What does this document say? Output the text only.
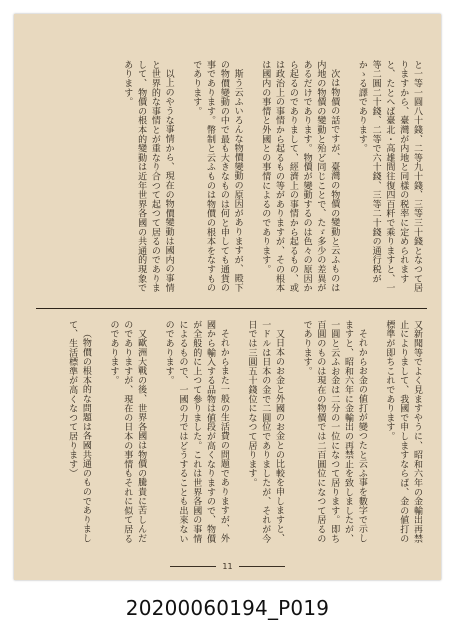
と一等一圓八十錢、二等九十錢、三等三十錢となつて居りますから、臺灣が内地と同樣の税率に定められますと、たとへば臺北・高雄間往復四百粁で乘りますと、一等二圓二十錢、二等で六十錢、三等二十錢の通行税がかゝる譯であります。

次は物價の話ですが、臺灣の物價の變動と云ふものは内地の物價の變動と殆ど同じことで、たゞ多少の差異があるだけであります。物價が變動するのは色々の原因から起るのでありまして、經濟上の事情から起るもの、或は政治上の事情から起るもの等がありますが、その根本は國内の事情と外國との事情によるのであります。

斯う云ふいろんな物價變動の原因がありますが、殿下の物價變動の中で最も大きなものは何と申しても通貨の事であります。幣制と云ふものは物價の根本をなすものであります。

以上のやうな事情から、現在の物價變動は國内の事情と世界的な事情とが重なり合つて起つて居るのでありまして、物價の根本的變動は近年世界各國の共通的現象であります。

又新聞等でよく見ますやうに、昭和六年の金輸出再禁止によりまして、我國で申しますならば、金の値打の標準が即ちこれであります。

それからお金の値打が變つたと云ふ事を數字で示しますと、昭和六年に金輸出の再禁止を致しましたが、一圓と云ふお金は二分の一位になつて居ります。即ち百圓のものは現在の物價では二百圓位になつて居るのであります。

又日本のお金と外國のお金との比較を申しますと、一ドルは日本の金で二圓位でありましたが、それが今日では三圓五十錢位になつて居ります。

それからまた一般の生活費の問題でありますが、外國から輸入する品物は値段が高くなりますので、物價が全般的に上つて參りました。これは世界各國の事情によるもので、一國の力ではどうすることも出來ないのであります。

又歐洲大戰の後、世界各國は物價の騰貴に苦しんだのでありますが、現在の日本の事情もそれに似て居るのであります。

（物價の根本的な問題は各國共通のものでありまして、生活標準が高くなつて居ります）

11
20200060194_P019
